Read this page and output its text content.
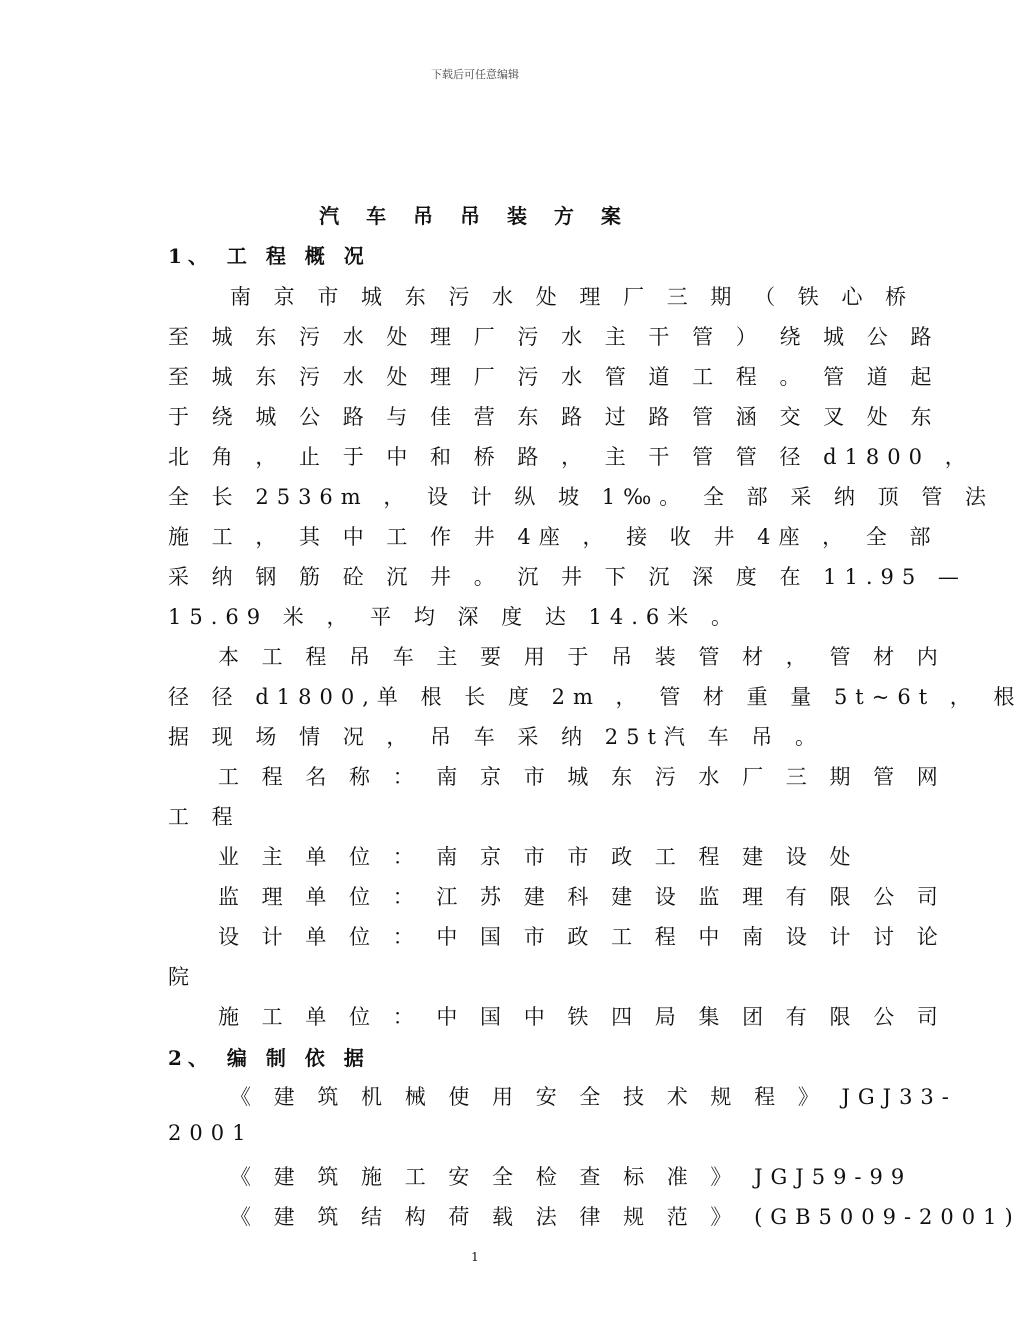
下载后可任意编辑
汽 车 吊 吊 装 方 案
1、 工 程 概 况
南 京 市 城 东 污 水 处 理 厂 三 期 （ 铁 心 桥
至 城 东 污 水 处 理 厂 污 水 主 干 管 ） 绕 城 公 路
至 城 东 污 水 处 理 厂 污 水 管 道 工 程 。 管 道 起
于 绕 城 公 路 与 佳 营 东 路 过 路 管 涵 交 叉 处 东
北 角 ， 止 于 中 和 桥 路 ， 主 干 管 管 径 d1800 ，
全 长 2536m ， 设 计 纵 坡 1‰。 全 部 采 纳 顶 管 法
施 工 ， 其 中 工 作 井 4座 ， 接 收 井 4座 ， 全 部
采 纳 钢 筋 砼 沉 井 。 沉 井 下 沉 深 度 在 11.95 —
15.69 米 ， 平 均 深 度 达 14.6米 。
本 工 程 吊 车 主 要 用 于 吊 装 管 材 ， 管 材 内
径 径 d1800,单 根 长 度 2m ， 管 材 重 量 5t~6t ， 根
据 现 场 情 况 ， 吊 车 采 纳 25t汽 车 吊 。
工 程 名 称 ： 南 京 市 城 东 污 水 厂 三 期 管 网
工 程
业 主 单 位 ： 南 京 市 市 政 工 程 建 设 处
监 理 单 位 ： 江 苏 建 科 建 设 监 理 有 限 公 司
设 计 单 位 ： 中 国 市 政 工 程 中 南 设 计 讨 论
院
施 工 单 位 ： 中 国 中 铁 四 局 集 团 有 限 公 司
2、 编 制 依 据
《 建 筑 机 械 使 用 安 全 技 术 规 程 》 JGJ33-
2001
《 建 筑 施 工 安 全 检 查 标 准 》 JGJ59-99
《 建 筑 结 构 荷 载 法 律 规 范 》 (GB5009-2001)
1
